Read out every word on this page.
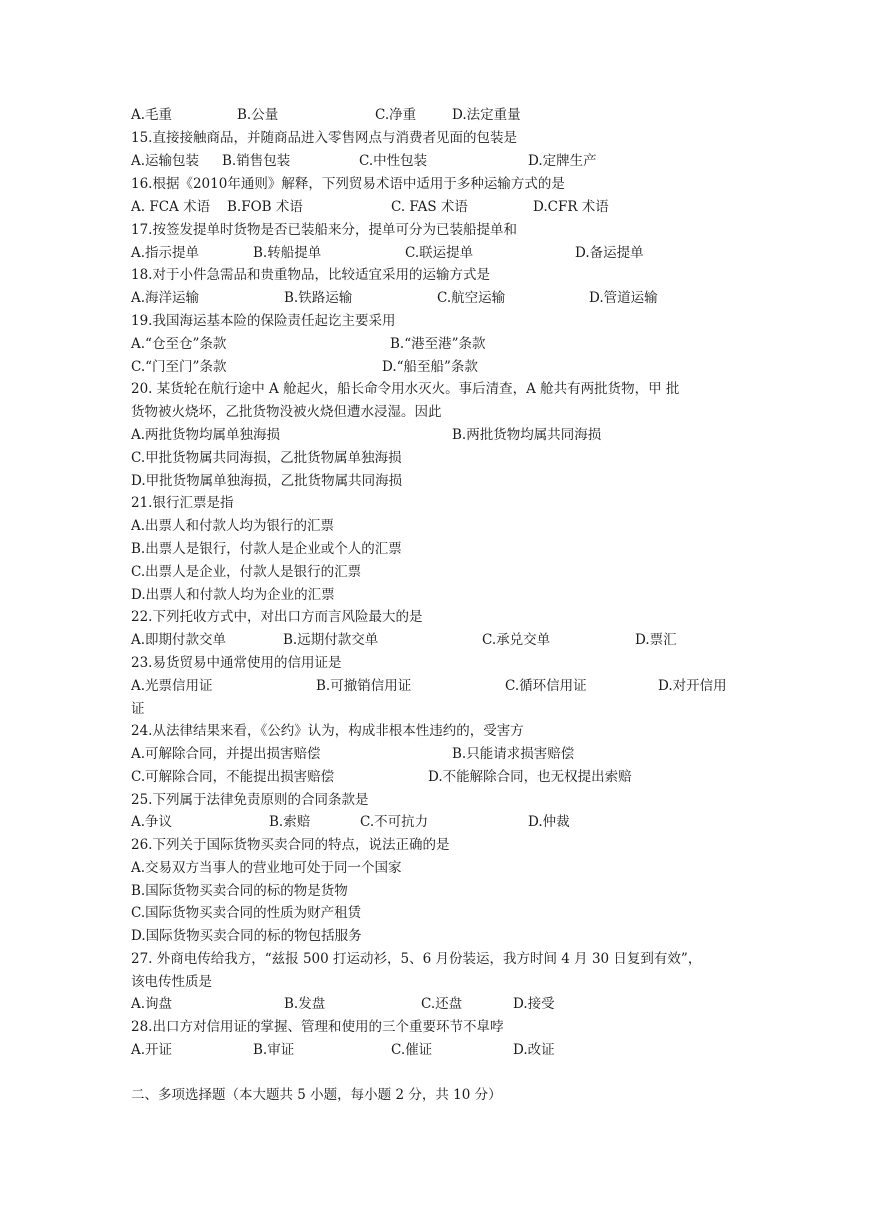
A.毛重	B.公量	C.净重	D.法定重量
15.直接接触商品，并随商品进入零售网点与消费者见面的包装是
A.运输包装 B.销售包装	C.中性包装	D.定牌生产
16.根据《2010年通则》解释，下列贸易术语中适用于多种运输方式的是
A. FCA 术语 B.FOB 术语	C. FAS 术语	D.CFR 术语
17.按签发提单时货物是否已装船来分，提单可分为已装船提单和
A.指示提单	B.转船提单	C.联运提单	D.备运提单
18.对于小件急需品和贵重物品，比较适宜采用的运输方式是
A.海洋运输	B.铁路运输	C.航空运输	D.管道运输
19.我国海运基本险的保险责任起讫主要采用
A.“仓至仓”条款	B.“港至港”条款
C.“门至门”条款	D.“船至船”条款
20. 某货轮在航行途中 A 舱起火，船长命令用水灭火。事后清查，A 舱共有两批货物，甲 批
货物被火烧坏，乙批货物没被火烧但遭水浸湿。因此
A.两批货物均属单独海损	B.两批货物均属共同海损
C.甲批货物属共同海损，乙批货物属单独海损
D.甲批货物属单独海损，乙批货物属共同海损
21.银行汇票是指
A.出票人和付款人均为银行的汇票
B.出票人是银行，付款人是企业或个人的汇票
C.出票人是企业，付款人是银行的汇票
D.出票人和付款人均为企业的汇票
22.下列托收方式中，对出口方而言风险最大的是
A.即期付款交单	B.远期付款交单	C.承兑交单	D.票汇
23.易货贸易中通常使用的信用证是
A.光票信用证	B.可撤销信用证	C.循环信用证	D.对开信用
证
24.从法律结果来看，《公约》认为，构成非根本性违约的，受害方
A.可解除合同，并提出损害赔偿	B.只能请求损害赔偿
C.可解除合同，不能提出损害赔偿	D.不能解除合同，也无权提出索赔
25.下列属于法律免责原则的合同条款是
A.争议	B.索赔	C.不可抗力	D.仲裁
26.下列关于国际货物买卖合同的特点，说法正确的是
A.交易双方当事人的营业地可处于同一个国家
B.国际货物买卖合同的标的物是货物
C.国际货物买卖合同的性质为财产租赁
D.国际货物买卖合同的标的物包括服务
27. 外商电传给我方，“兹报 500 打运动衫，5、6 月份装运，我方时间 4 月 30 日复到有效”，
该电传性质是
A.询盘	B.发盘	C.还盘	D.接受
28.出口方对信用证的掌握、管理和使用的三个重要环节不皐哱
A.开证	B.审证	C.催证	D.改证
二、多项选择题（本大题共 5 小题，每小题 2 分，共 10 分）
